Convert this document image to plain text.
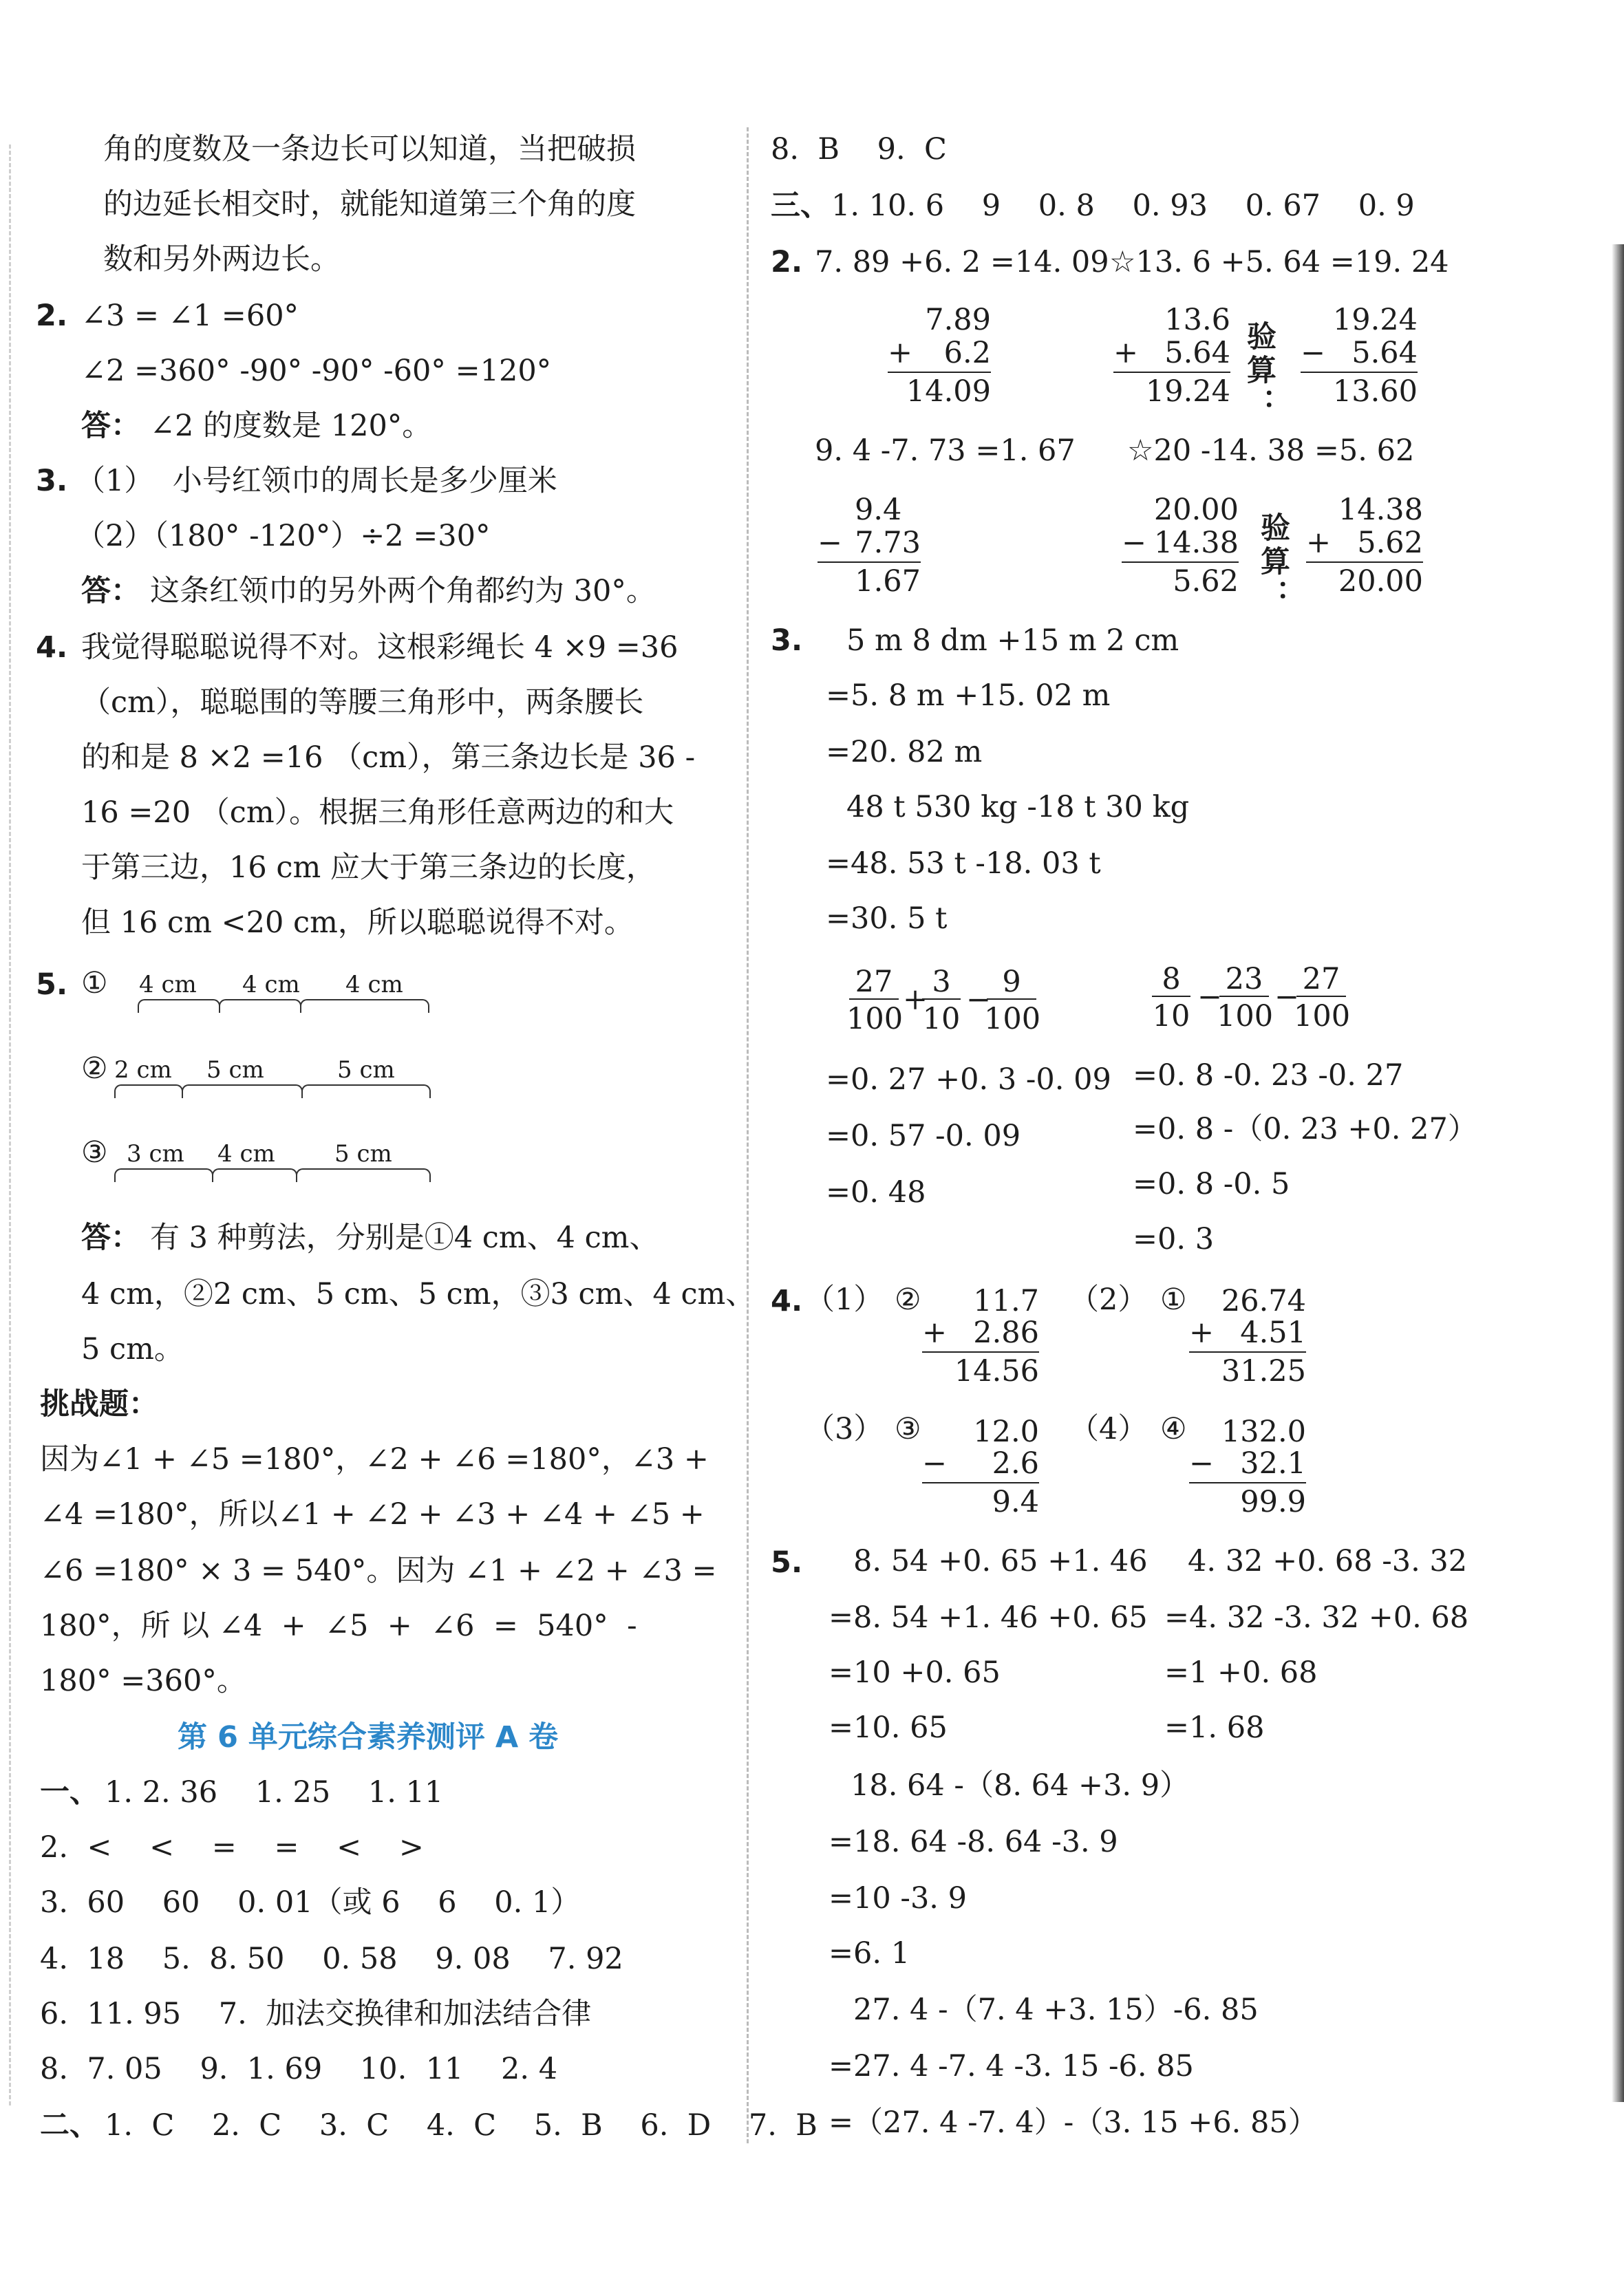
角的度数及一条边长可以知道，当把破损
的边延长相交时，就能知道第三个角的度
数和另外两边长。
2. ∠3 = ∠1 =60°
∠2 =360° -90° -90° -60° =120°
答： ∠2 的度数是 120°。
3. （1）  小号红领巾的周长是多少厘米
（2）（180° -120°）÷2 =30°
答： 这条红领巾的另外两个角都约为 30°。
4. 我觉得聪聪说得不对。这根彩绳长 4 ×9 =36
（cm），聪聪围的等腰三角形中，两条腰长
的和是 8 ×2 =16 （cm），第三条边长是 36 -
16 =20 （cm）。根据三角形任意两边的和大
于第三边，16 cm 应大于第三条边的长度，
但 16 cm <20 cm，所以聪聪说得不对。
5. ① 4 cm 4 cm 4 cm
② 2 cm 5 cm	5 cm
③ 3 cm 4 cm	5 cm
答： 有 3 种剪法，分别是①4 cm、4 cm、
4 cm，②2 cm、5 cm、5 cm，③3 cm、4 cm、
5 cm。
挑战题：
因为∠1 + ∠5 =180°，∠2 + ∠6 =180°，∠3 +
∠4 =180°，所以∠1 + ∠2 + ∠3 + ∠4 + ∠5 +
∠6 =180° × 3 = 540°。因为 ∠1 + ∠2 + ∠3 =
180°，所 以 ∠4  +  ∠5  +  ∠6  =  540°  -
180° =360°。
第 6 单元综合素养测评 A 卷
一、 1. 2. 36    1. 25    1. 11
2.  <    <    =    =    <    >
3.  60    60    0. 01（或 6    6    0. 1）
4.  18    5.  8. 50    0. 58    9. 08    7. 92
6.  11. 95    7.  加法交换律和加法结合律
8.  7. 05    9.  1. 69    10.  11    2. 4
二、 1.  C    2.  C    3.  C    4.  C    5.  B    6.  D    7.  B
8.  B    9.  C
三、 1. 10. 6    9    0. 8    0. 93    0. 67    0. 9
2. 7. 89 +6. 2 =14. 09 ☆13. 6 +5. 64 =19. 24
7.89
+	6.2
14.09
13.6
+ 5.64
19.24 验算：
19.24
− 5.64
13.60
9. 4 -7. 73 =1. 67 ☆20 -14. 38 =5. 62
9.4
− 7.73
1.67
20.00
− 14.38
5.62 验算：
14.38
+ 5.62
20.00
3. 5 m 8 dm +15 m 2 cm
=5. 8 m +15. 02 m
=20. 82 m
48 t 530 kg -18 t 30 kg
=48. 53 t -18. 03 t
=30. 5 t
27
100
+
3
10
−
9
100
8
10
−
23
100
−
27
100
=0. 27 +0. 3 -0. 09
=0. 57 -0. 09
=0. 48
=0. 8 -0. 23 -0. 27
=0. 8 -（0. 23 +0. 27）
=0. 8 -0. 5
=0. 3
4. （1） ②	11.7
+ 2.86
14.56
（2） ①	26.74
+ 4.51
31.25
（3） ③	12.0
−	2.6
9.4
（4） ④	132.0
− 32.1
99.9
5. 8. 54 +0. 65 +1. 46
=8. 54 +1. 46 +0. 65
=10 +0. 65
=10. 65
4. 32 +0. 68 -3. 32
=4. 32 -3. 32 +0. 68
=1 +0. 68
=1. 68
18. 64 -（8. 64 +3. 9）
=18. 64 -8. 64 -3. 9
=10 -3. 9
=6. 1
27. 4 -（7. 4 +3. 15）-6. 85
=27. 4 -7. 4 -3. 15 -6. 85
=（27. 4 -7. 4）-（3. 15 +6. 85）
